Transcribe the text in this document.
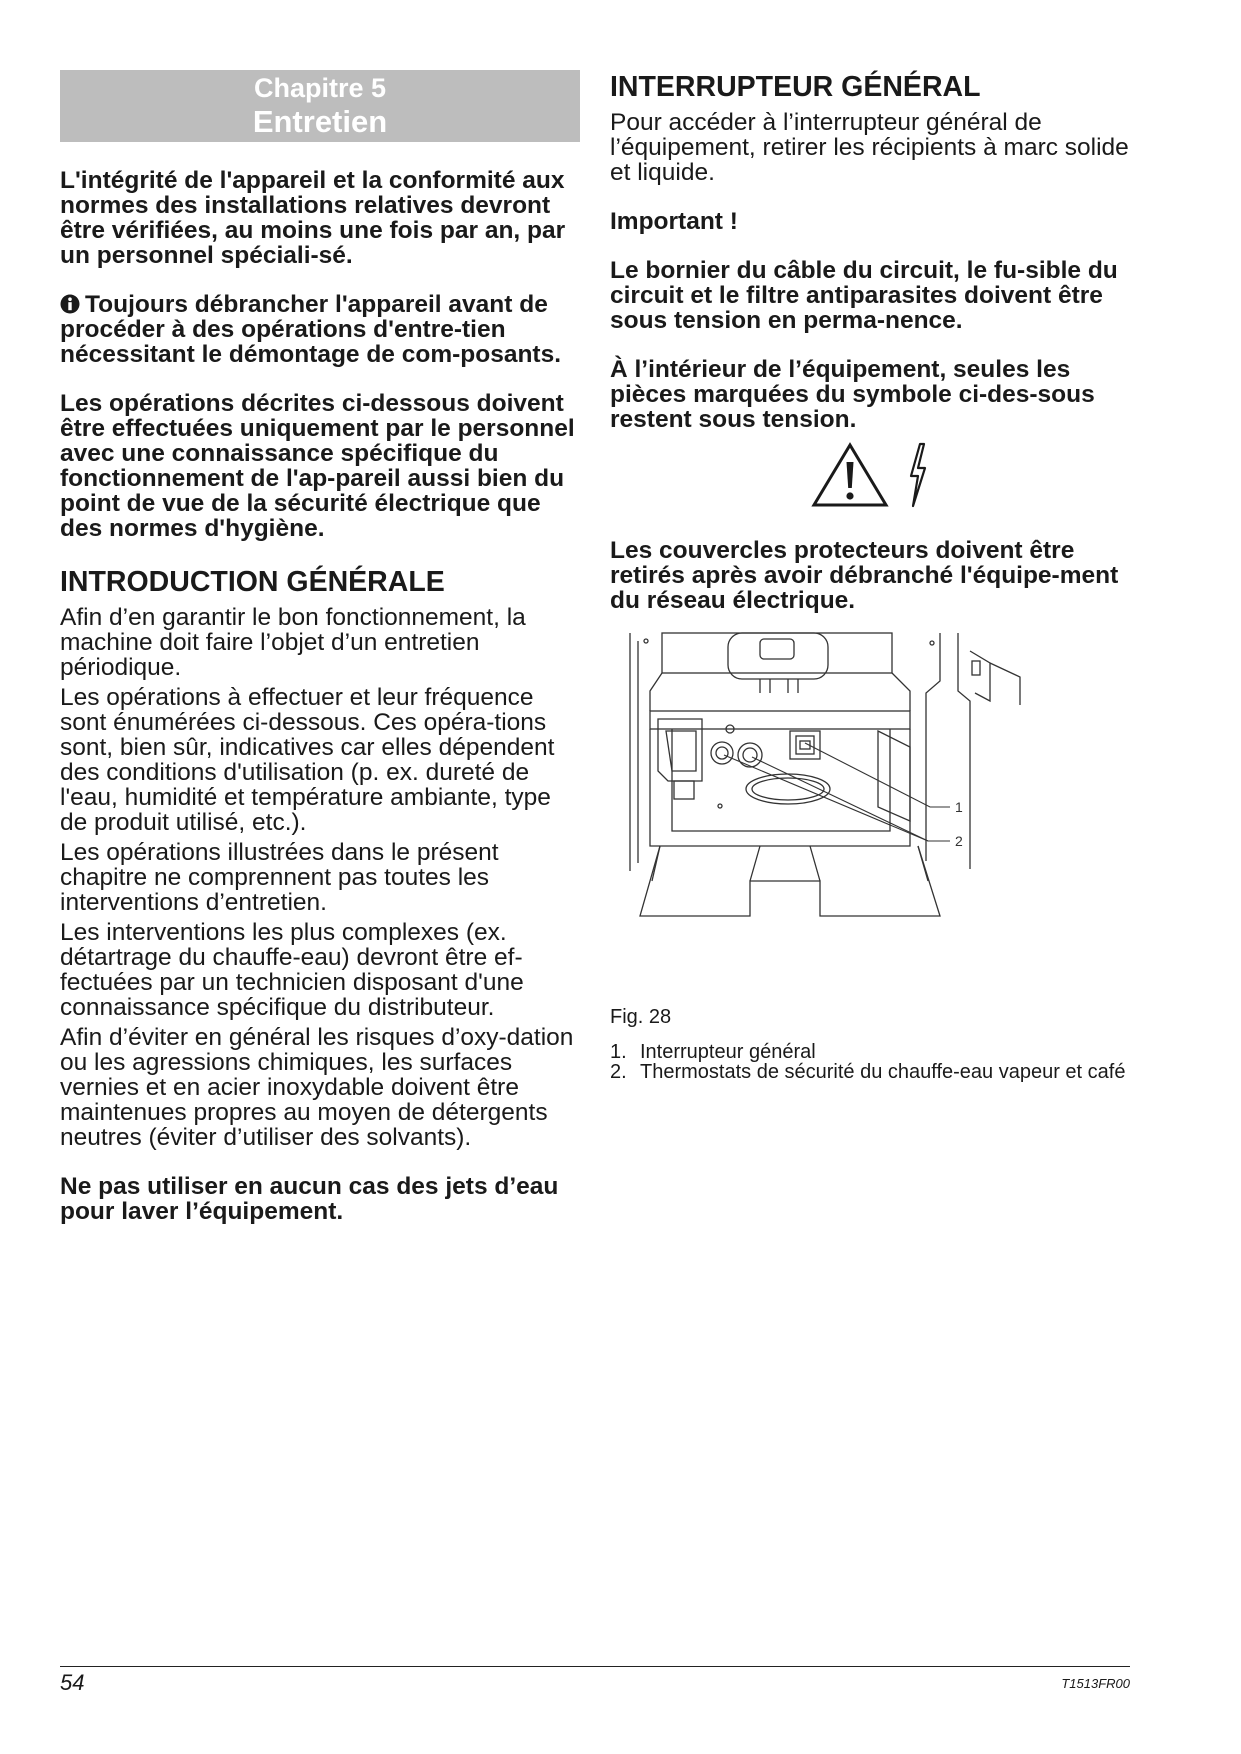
Chapitre 5
Entretien

L'intégrité de l'appareil et la conformité aux normes des installations relatives devront être vérifiées, au moins une fois par an, par un personnel spéciali-sé.

Toujours débrancher l'appareil avant de procéder à des opérations d'entre-tien nécessitant le démontage de com-posants.

Les opérations décrites ci-dessous doivent être effectuées uniquement par le personnel avec une connaissance spécifique du fonctionnement de l'ap-pareil aussi bien du point de vue de la sécurité électrique que des normes d'hygiène.

INTRODUCTION GÉNÉRALE

Afin d’en garantir le bon fonctionnement, la machine doit faire l’objet d’un entretien périodique.

Les opérations à effectuer et leur fréquence sont énumérées ci-dessous. Ces opéra-tions sont, bien sûr, indicatives car elles dépendent des conditions d'utilisation (p. ex. dureté de l'eau, humidité et température ambiante, type de produit utilisé, etc.).

Les opérations illustrées dans le présent chapitre ne comprennent pas toutes les interventions d’entretien.

Les interventions les plus complexes (ex. détartrage du chauffe-eau) devront être ef-fectuées par un technicien disposant d'une connaissance spécifique du distributeur.

Afin d’éviter en général les risques d’oxy-dation ou les agressions chimiques, les surfaces vernies et en acier inoxydable doivent être maintenues propres au moyen de détergents neutres (éviter d’utiliser des solvants).

Ne pas utiliser en aucun cas des jets d’eau pour laver l’équipement.

INTERRUPTEUR GÉNÉRAL

Pour accéder à l’interrupteur général de l’équipement, retirer les récipients à marc solide et liquide.

Important !

Le bornier du câble du circuit, le fu-sible du circuit et le filtre antiparasites doivent être sous tension en perma-nence.

À l’intérieur de l’équipement, seules les pièces marquées du symbole ci-des-sous restent sous tension.

Les couvercles protecteurs doivent être retirés après avoir débranché l'équipe-ment du réseau électrique.

1
2
Fig. 28
1. Interrupteur général
2. Thermostats de sécurité du chauffe-eau vapeur et café
54	T1513FR00
